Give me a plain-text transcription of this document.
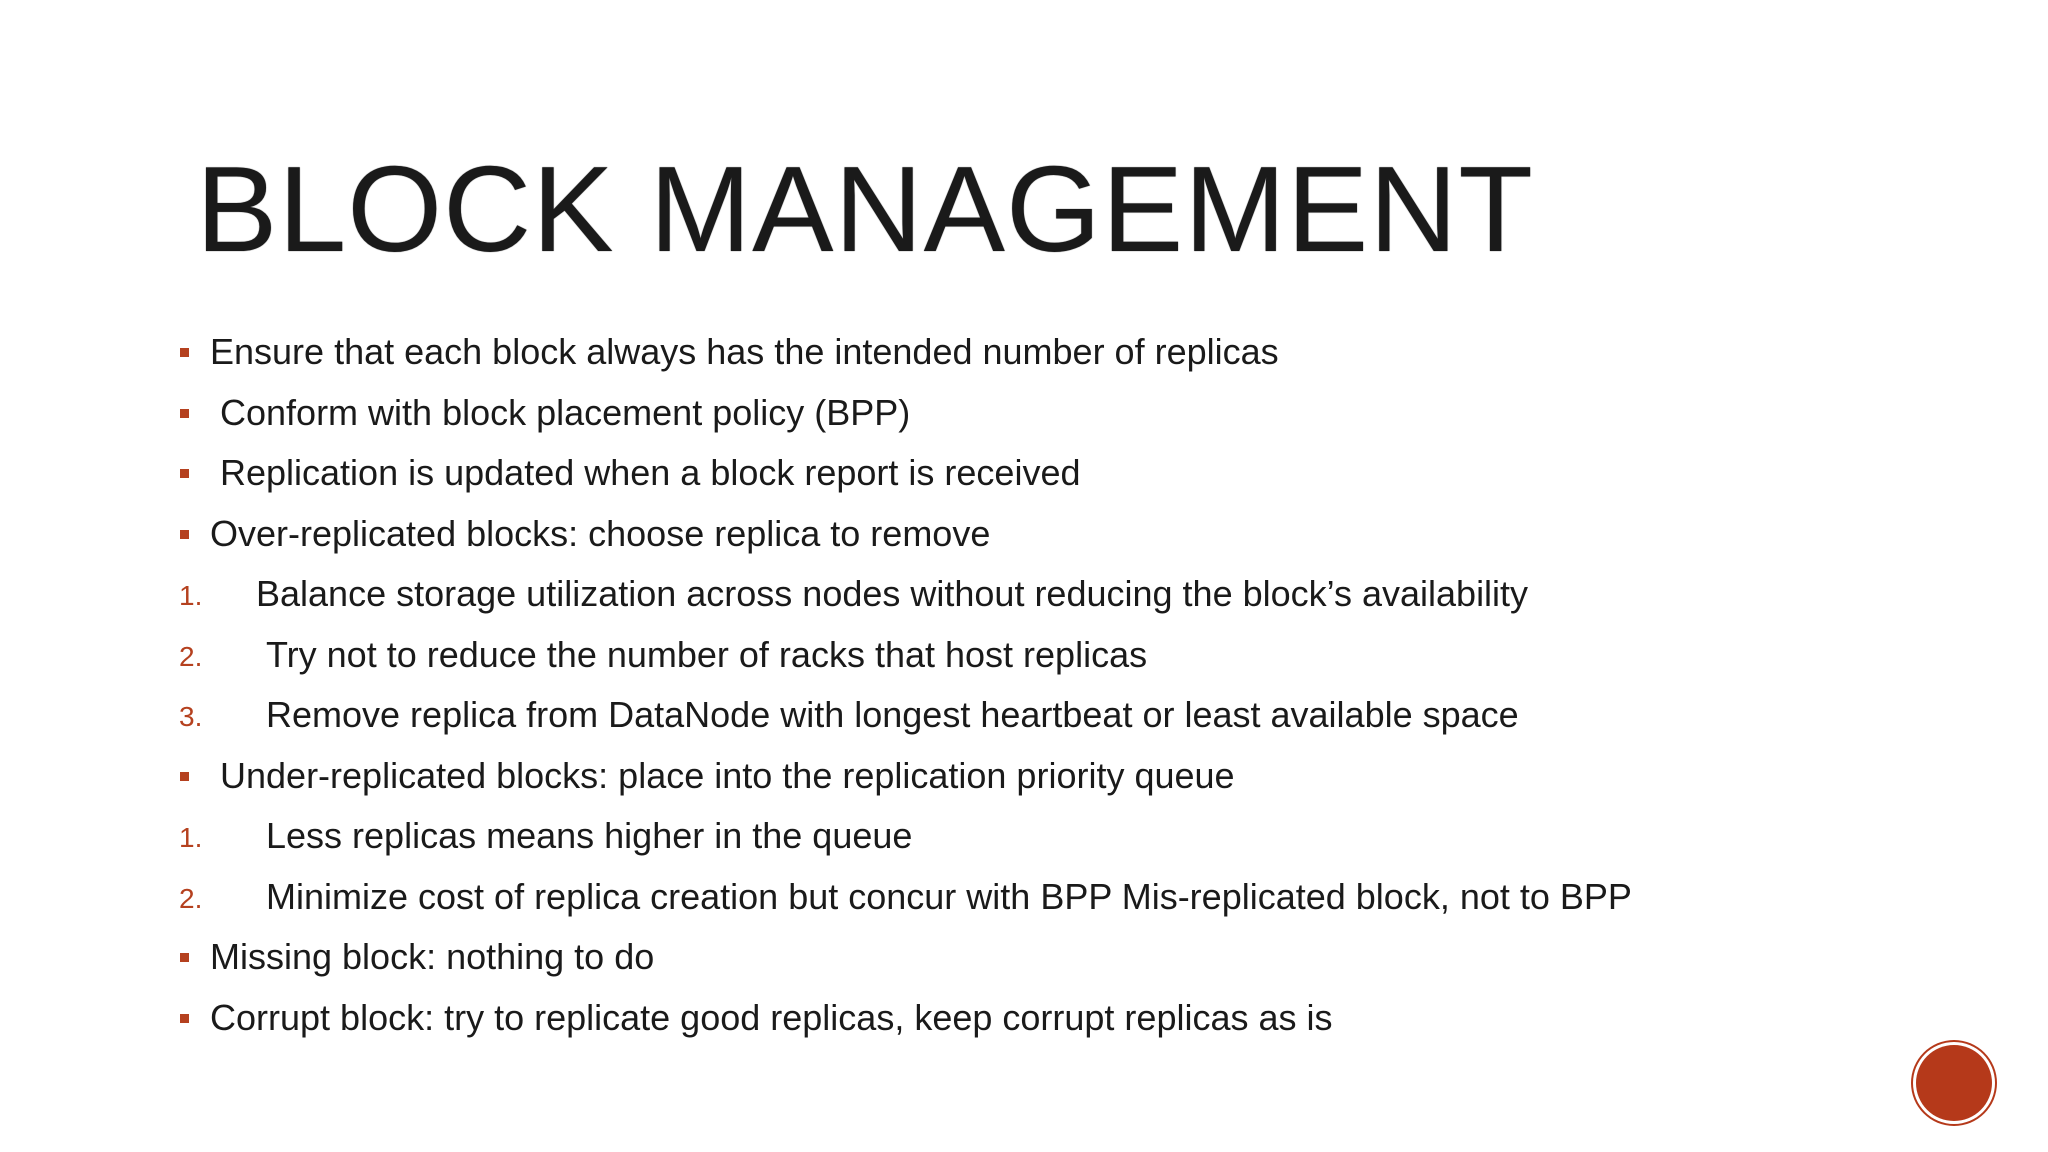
BLOCK MANAGEMENT
Ensure that each block always has the intended number of replicas
Conform with block placement policy (BPP)
Replication is updated when a block report is received
Over-replicated blocks: choose replica to remove
1. Balance storage utilization across nodes without reducing the block’s availability
2. Try not to reduce the number of racks that host replicas
3. Remove replica from DataNode with longest heartbeat or least available space
Under-replicated blocks: place into the replication priority queue
1. Less replicas means higher in the queue
2. Minimize cost of replica creation but concur with BPP Mis-replicated block, not to BPP
Missing block: nothing to do
Corrupt block: try to replicate good replicas, keep corrupt replicas as is
